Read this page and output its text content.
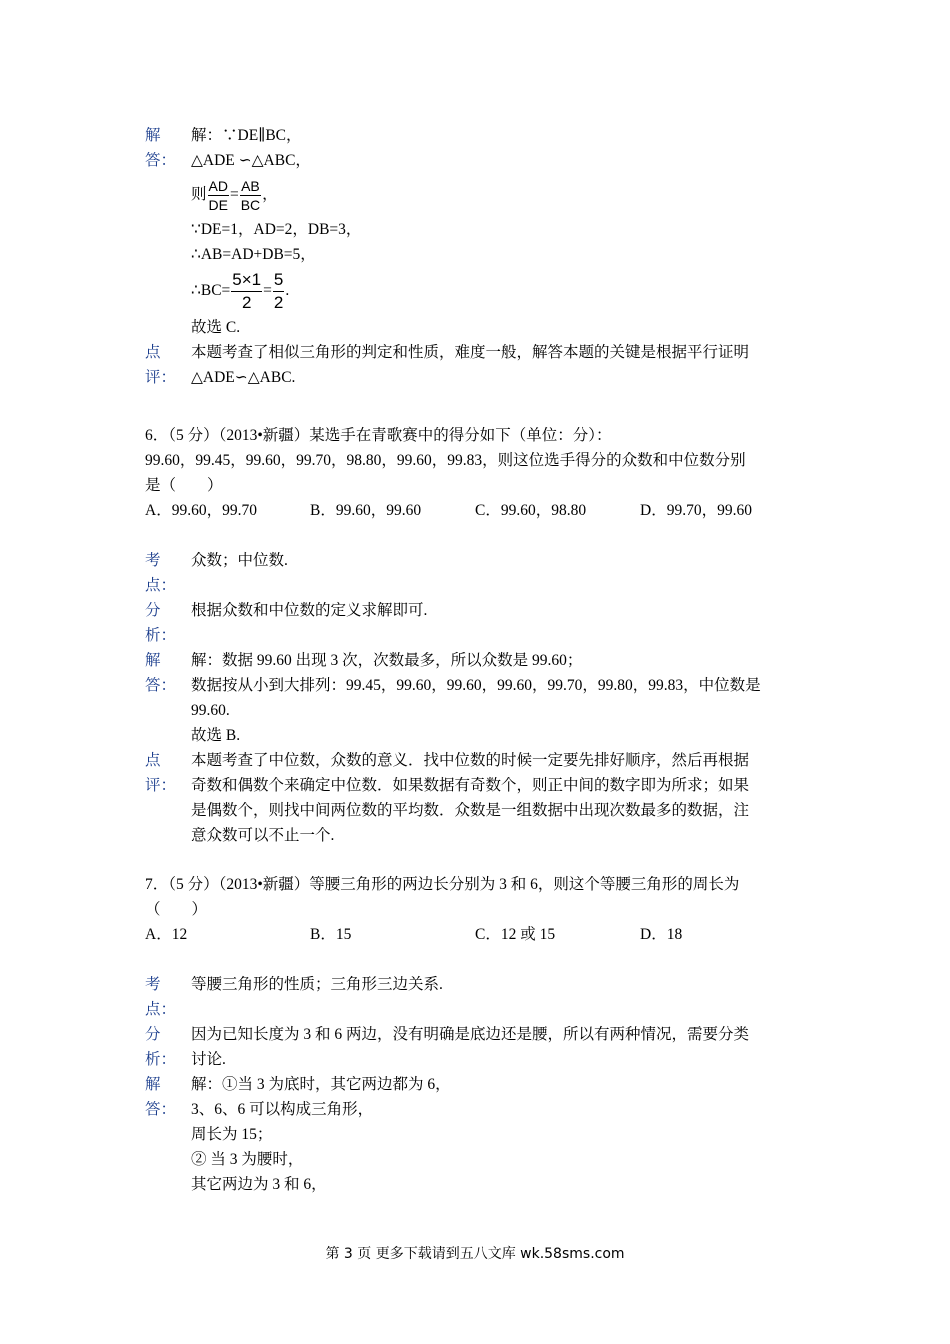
解
答：
解：∵DE∥BC，
△ADE ∽△ABC，
则 $\frac{AD}{DE} = \frac{AB}{BC}$ ，
∵DE=1，AD=2，DB=3，
∴AB=AD+DB=5，
∴BC= $\frac{5\times 1}{2} = \frac{5}{2}$ .
故选 C.
点
评：
本题考查了相似三角形的判定和性质，难度一般，解答本题的关键是根据平行证明
△ADE∽△ABC.
6．（5 分）（2013•新疆）某选手在青歌赛中的得分如下（单位：分）：
99.60，99.45，99.60，99.70，98.80，99.60，99.83，则这位选手得分的众数和中位数分别
是（　　）
A．99.60，99.70	B．99.60，99.60	C．99.60，98.80	D．99.70，99.60
考
点：
众数；中位数.
分
析：
根据众数和中位数的定义求解即可.
解
答：
解：数据 99.60 出现 3 次，次数最多，所以众数是 99.60；
数据按从小到大排列：99.45，99.60，99.60，99.60，99.70，99.80，99.83，中位数是
99.60.
故选 B.
点
评：
本题考查了中位数，众数的意义．找中位数的时候一定要先排好顺序，然后再根据
奇数和偶数个来确定中位数．如果数据有奇数个，则正中间的数字即为所求；如果
是偶数个，则找中间两位数的平均数．众数是一组数据中出现次数最多的数据，注
意众数可以不止一个.
7．（5 分）（2013•新疆）等腰三角形的两边长分别为 3 和 6，则这个等腰三角形的周长为
（　　）
A．12	B．15	C．12 或 15	D．18
考
点：
等腰三角形的性质；三角形三边关系.
分
析：
因为已知长度为 3 和 6 两边，没有明确是底边还是腰，所以有两种情况，需要分类
讨论.
解
答：
解：①当 3 为底时，其它两边都为 6，
3、6、6 可以构成三角形，
周长为 15；
② 当 3 为腰时，
其它两边为 3 和 6，
第 3 页 更多下载请到五八文库 wk.58sms.com
